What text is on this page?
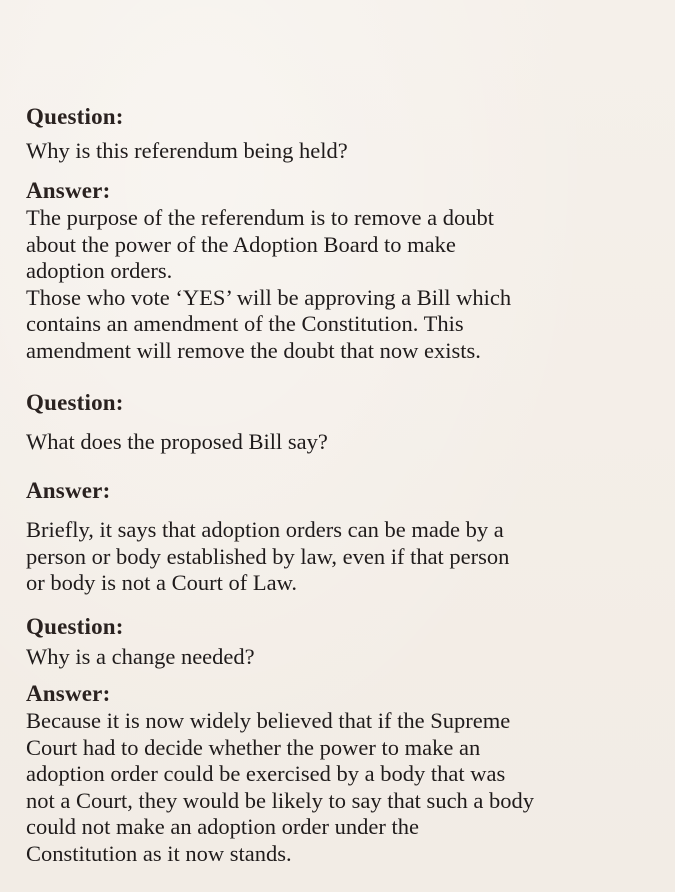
Question:

Why is this referendum being held?

Answer:

The purpose of the referendum is to remove a doubt
about the power of the Adoption Board to make
adoption orders.
Those who vote ‘YES’ will be approving a Bill which
contains an amendment of the Constitution. This
amendment will remove the doubt that now exists.

Question:

What does the proposed Bill say?

Answer:

Briefly, it says that adoption orders can be made by a
person or body established by law, even if that person
or body is not a Court of Law.

Question:

Why is a change needed?

Answer:

Because it is now widely believed that if the Supreme
Court had to decide whether the power to make an
adoption order could be exercised by a body that was
not a Court, they would be likely to say that such a body
could not make an adoption order under the
Constitution as it now stands.
